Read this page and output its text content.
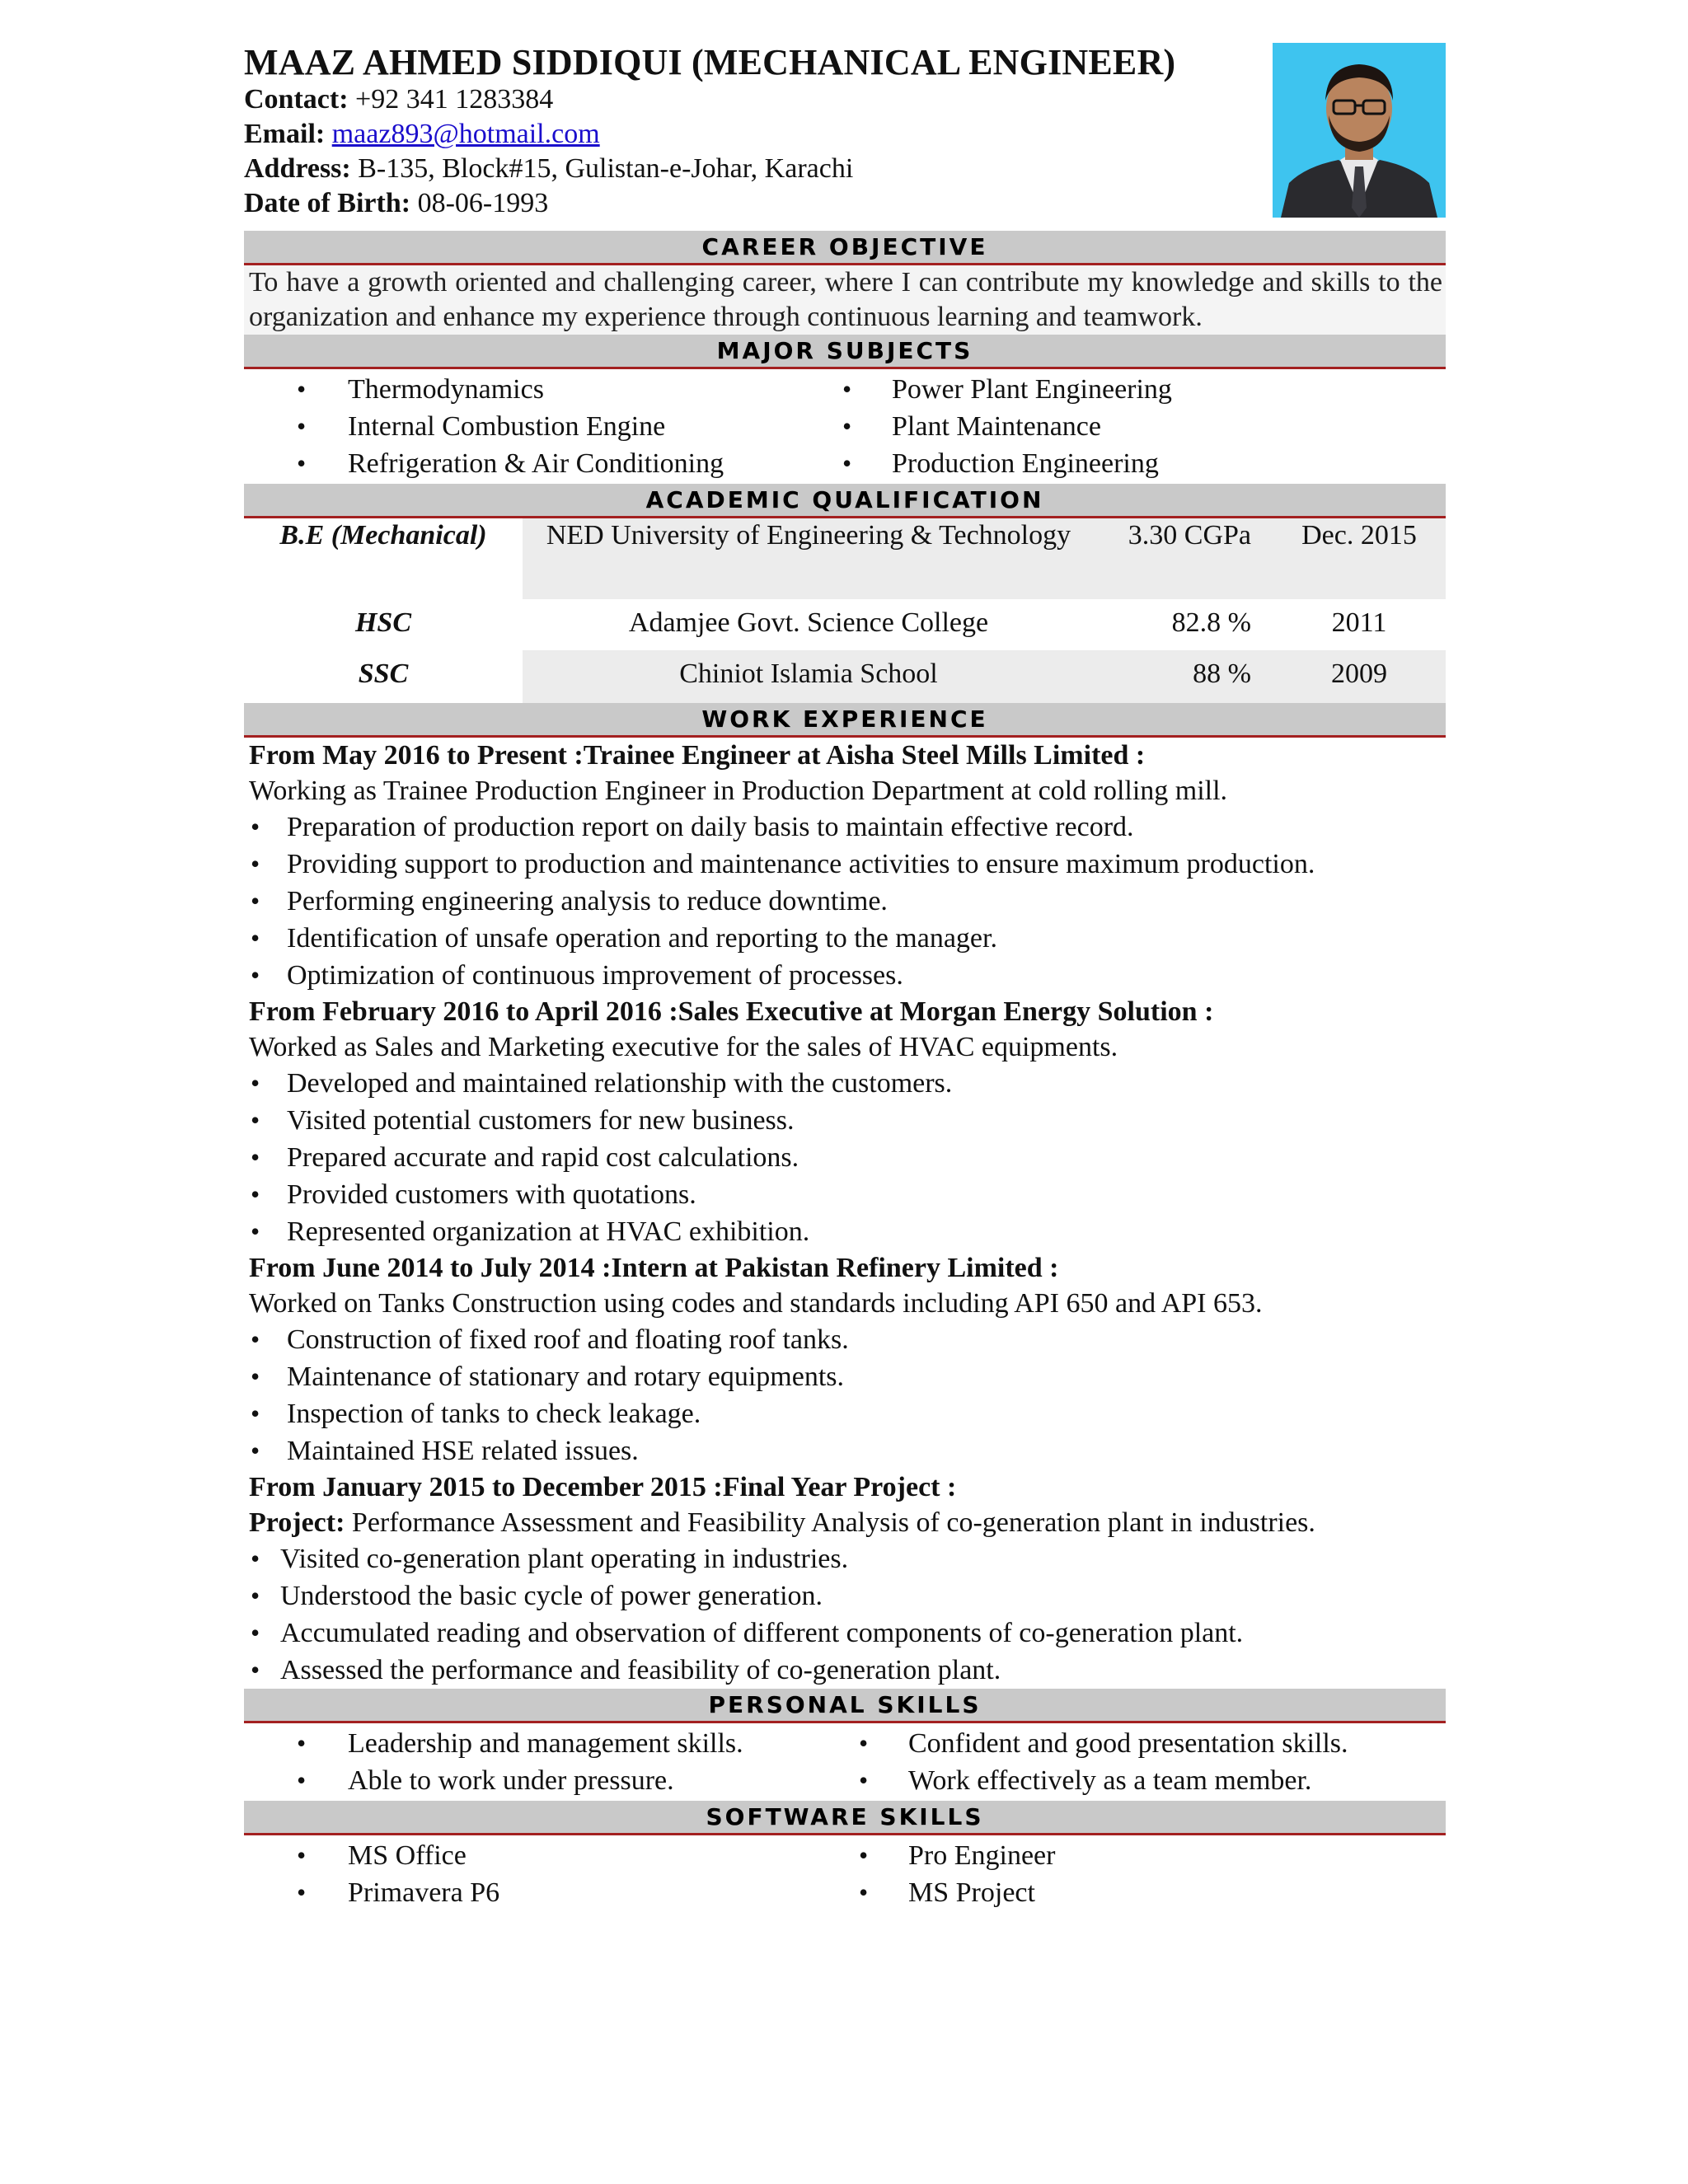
MAAZ AHMED SIDDIQUI (MECHANICAL ENGINEER)
Contact: +92 341 1283384
Email: maaz893@hotmail.com
Address: B-135, Block#15, Gulistan-e-Johar, Karachi
Date of Birth: 08-06-1993
CAREER OBJECTIVE
To have a growth oriented and challenging career, where I can contribute my knowledge and skills to the organization and enhance my experience through continuous learning and teamwork.
MAJOR SUBJECTS
• Thermodynamics
• Internal Combustion Engine
• Refrigeration & Air Conditioning
• Power Plant Engineering
• Plant Maintenance
• Production Engineering
ACADEMIC QUALIFICATION
B.E (Mechanical)	NED University of Engineering & Technology	3.30 CGPa	Dec. 2015
HSC	Adamjee Govt. Science College	82.8 %	2011
SSC	Chiniot Islamia School	88 %	2009
WORK EXPERIENCE
From May 2016 to Present :Trainee Engineer at Aisha Steel Mills Limited :
Working as Trainee Production Engineer in Production Department at cold rolling mill.
• Preparation of production report on daily basis to maintain effective record.
• Providing support to production and maintenance activities to ensure maximum production.
• Performing engineering analysis to reduce downtime.
• Identification of unsafe operation and reporting to the manager.
• Optimization of continuous improvement of processes.
From February 2016 to April 2016 :Sales Executive at Morgan Energy Solution :
Worked as Sales and Marketing executive for the sales of HVAC equipments.
• Developed and maintained relationship with the customers.
• Visited potential customers for new business.
• Prepared accurate and rapid cost calculations.
• Provided customers with quotations.
• Represented organization at HVAC exhibition.
From June 2014 to July 2014 :Intern at Pakistan Refinery Limited :
Worked on Tanks Construction using codes and standards including API 650 and API 653.
• Construction of fixed roof and floating roof tanks.
• Maintenance of stationary and rotary equipments.
• Inspection of tanks to check leakage.
• Maintained HSE related issues.
From January 2015 to December 2015 :Final Year Project :
Project: Performance Assessment and Feasibility Analysis of co-generation plant in industries.
• Visited co-generation plant operating in industries.
• Understood the basic cycle of power generation.
• Accumulated reading and observation of different components of co-generation plant.
• Assessed the performance and feasibility of co-generation plant.
PERSONAL SKILLS
• Leadership and management skills.
• Able to work under pressure.
• Confident and good presentation skills.
• Work effectively as a team member.
SOFTWARE SKILLS
• MS Office
• Primavera P6
• Pro Engineer
• MS Project
